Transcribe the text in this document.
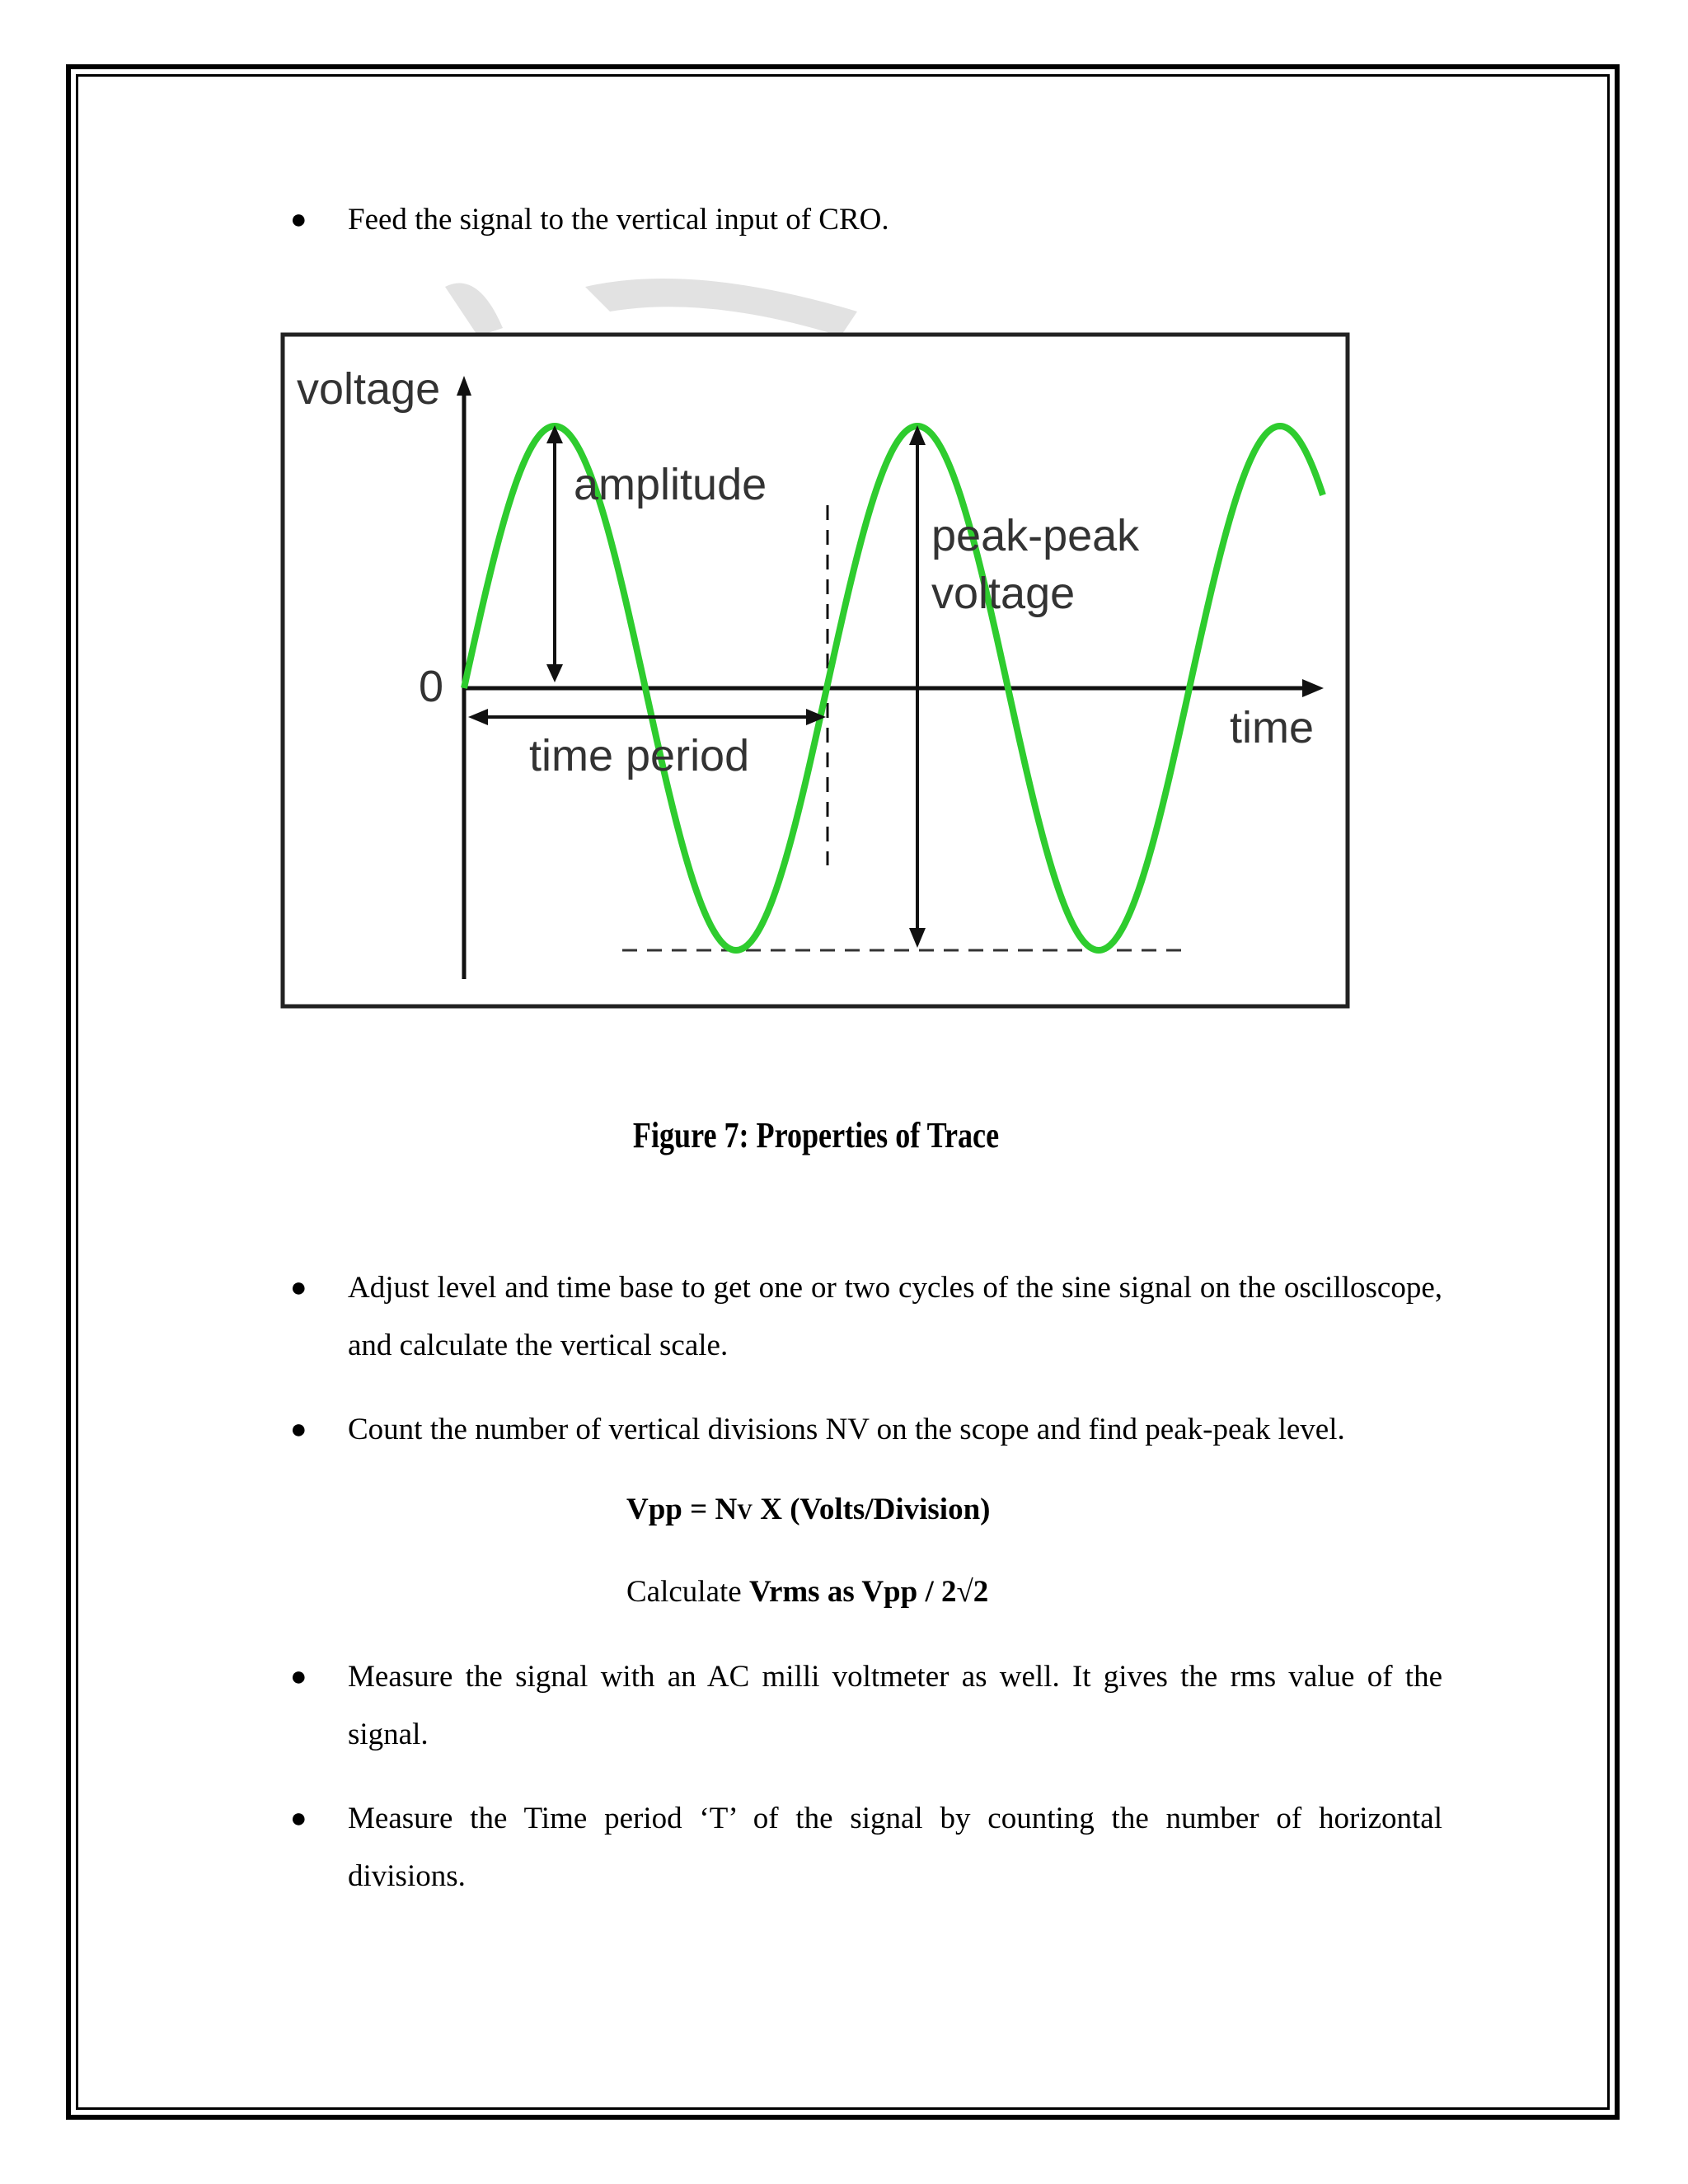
● Feed the signal to the vertical input of CRO.
voltage
amplitude
peak-peak
voltage
0
time period
time
Figure 7: Properties of Trace
● Adjust level and time base to get one or two cycles of the sine signal on the oscilloscope, and calculate the vertical scale.
● Count the number of vertical divisions NV on the scope and find peak-peak level.
Vpp = NV X (Volts/Division)
Calculate Vrms as Vpp / 2√2
● Measure the signal with an AC milli voltmeter as well. It gives the rms value of the signal.
● Measure the Time period ‘T’ of the signal by counting the number of horizontal divisions.
